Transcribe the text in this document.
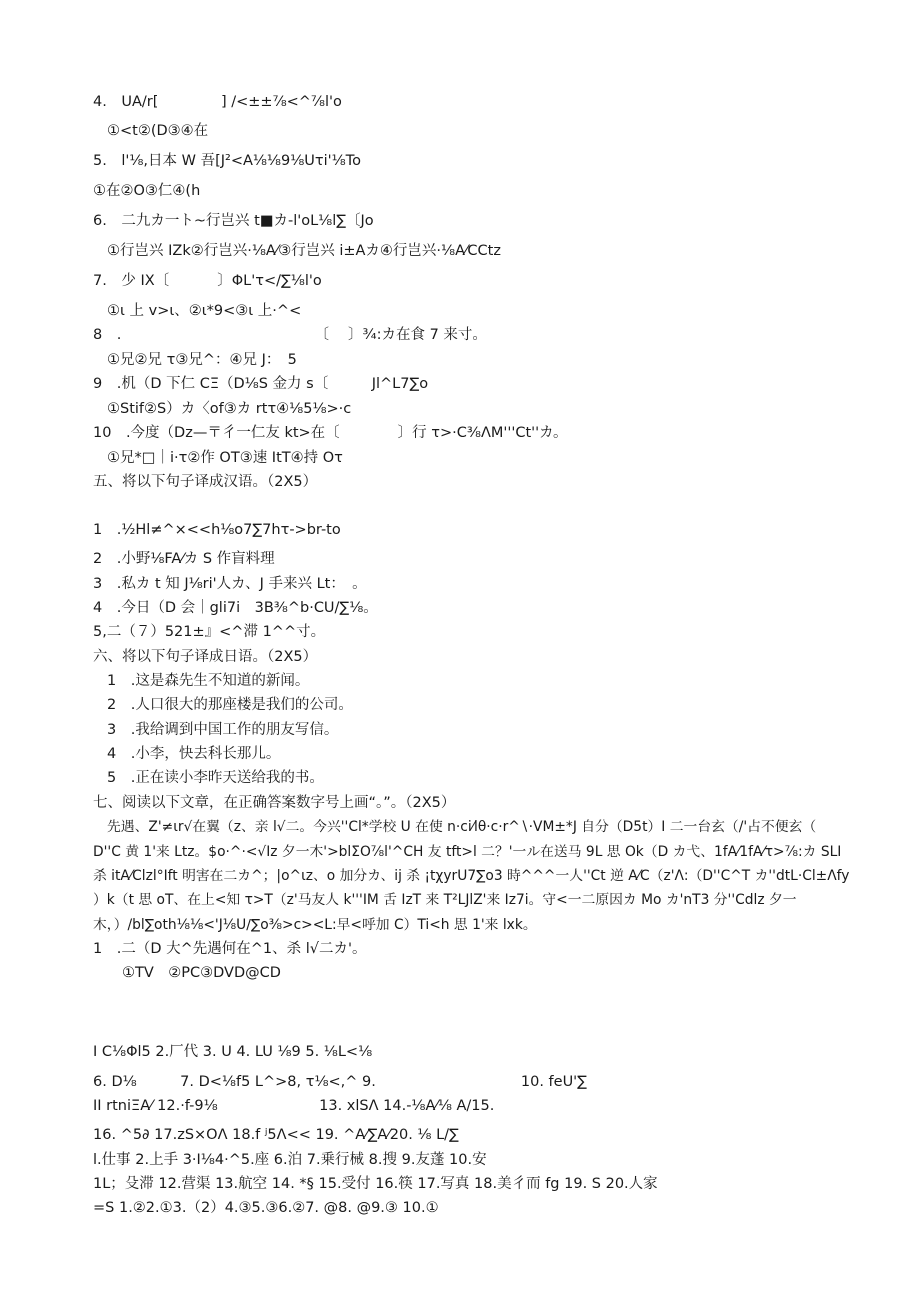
4.　UA/r[　　　　 ] /<±±⅞<^⅞l'o
①<t②(D③④在
5.　l'⅛,日本 W 吾[J²<A⅛⅛9⅛Uτi'⅛To
①在②O③仁④(h
6.　二九カ一ト~行岂兴 t■カ-l'oL⅛l∑〔Jo
①行岂兴 IZk②行岂兴·⅛A⁄③行岂兴 i±Aカ④行岂兴·⅛A⁄CCtz
7.　少 IX〔　　　 〕ΦL'τ<∕∑⅛l'o
①ι 上 v>ι、②ι*9<③ι 上·^<
8　.　　　　　　　　　　　　　 〔　 〕¾:カ在食 7 来寸。
①兄②兄 τ③兄^：④兄 J：　5
9　.机（D 下仁 CΞ（D⅛S 金力 s〔　　　Jl^L7∑o
①Stif②S）カ〈of③カ rtτ④⅛5⅛>·c
10　.今度（Dz—〒彳一仁友 kt>在〔　　　　〕行 τ>·C⅜ΛM'''Ct''カ。
①兄*□｜i·τ②作 OT③速 ItT④持 Oτ
五、将以下句子译成汉语。（2X5）
1　.½Hl≠^×<<h⅛o7∑7hτ->br-to
2　.小野⅛FA⁄カ S 作盲料理
3　.私カ t 知 J⅛ri'人カ、J 手来兴 Lt：　。
4　.今日（D 会｜gli7i　3B⅜^b·CU∕∑⅛。
5,二（７）521±』<^滞 1^^寸。
六、将以下句子译成日语。（2X5）
1　.这是森先生不知道的新闻。
2　.人口很大的那座楼是我们的公司。
3　.我给调到中国工作的朋友写信。
4　.小李，快去科长那儿。
5　.正在读小李昨天送给我的书。
七、阅读以下文章，在正确答案数字号上画“。”。（2X5）
先遇、Z'≠ιr√在翼（z、亲 l√二。今兴''Cl*学校 U 在使 n·ci⁄lθ·c·r^∖·VM±*J 自分（D5t）I 二一台玄（/'占不便玄（
D''C 黄 1'来 Ltz。$o·^·<√Iz 夕一木'>blΣO⅞l'^CH 友 tft>l 二？'一ル在送马 9L 思 Ok（D カ弋、1fA⁄1fA⁄τ>⅞:カ SLI
杀 itA⁄Clzl°Ift 明害在二カ^；|o^ιz、o 加分カ、ij 杀 ¡tχyrU7∑o3 時^^^一人''Ct 逆 A⁄C（z'Λ:（D''C^T カ''dtL·Cl±Λfy
）k（t 思 oT、在上<知 τ>T（z'马友人 k'''IM 舌 IzT 来 T²LJlZ'来 Iz7i。守<一二原因カ Mo カ'nT3 分''Cdlz 夕一
木，）/bl∑oth⅛⅛<'J⅛U∕∑o⅜>c><L:早<呼加 C）Ti<h 思 1'来 lxk。
1　.二（D 大^先遇何在^1、杀 l√二カ'。
①TV　②PC③DVD@CD
I C⅛Φl5 2.厂代 3. U 4. LU ⅛9 5. ⅛L<⅛
6. D⅛　　　7. D<⅛f5 L^>8, τ⅛<,^ 9.　　　　　　　　　　10. feU'∑
II rtniΞA⁄ 12.·f-9⅛　　　　　　　13. xlSΛ 14.-⅛A⁄⅛ A/15.
16. ^5∂ 17.zS×OΛ 18.f ʲ5Λ<< 19. ^A⁄∑A⁄20. ⅛ L∕∑
l.仕事 2.上手 3·I⅛4·^5.座 6.泊 7.乗行械 8.搜 9.友蓬 10.安
1L；殳滞 12.营渠 13.航空 14. *§ 15.受付 16.筷 17.写真 18.美彳而 fg 19. S 20.人家
=S 1.②2.①3.（2）4.③5.③6.②7. @8. @9.③ 10.①
